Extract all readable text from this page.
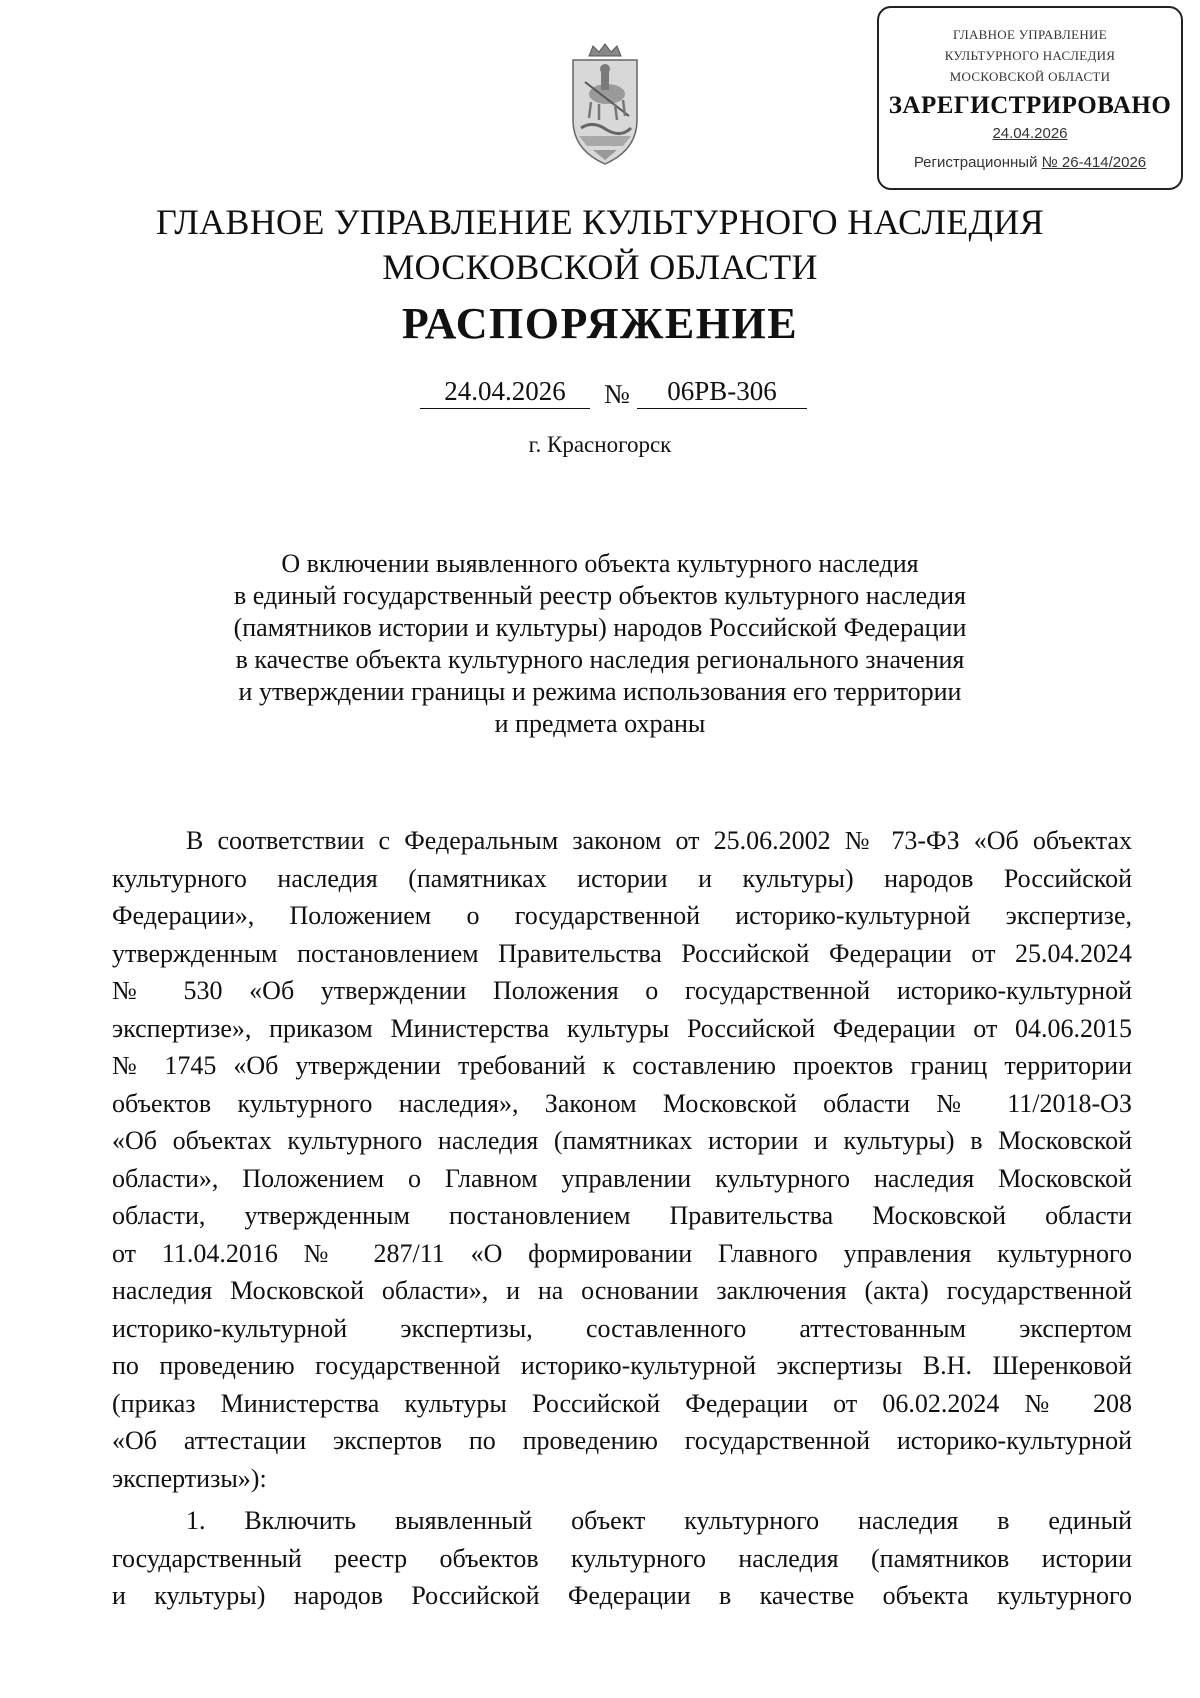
ГЛАВНОЕ УПРАВЛЕНИЕ
КУЛЬТУРНОГО НАСЛЕДИЯ
МОСКОВСКОЙ ОБЛАСТИ
ЗАРЕГИСТРИРОВАНО
24.04.2026
Регистрационный № 26-414/2026
ГЛАВНОЕ УПРАВЛЕНИЕ КУЛЬТУРНОГО НАСЛЕДИЯ
МОСКОВСКОЙ ОБЛАСТИ
РАСПОРЯЖЕНИЕ
24.04.2026	№	06РВ-306
г. Красногорск
О включении выявленного объекта культурного наследия
в единый государственный реестр объектов культурного наследия
(памятников истории и культуры) народов Российской Федерации
в качестве объекта культурного наследия регионального значения
и утверждении границы и режима использования его территории
и предмета охраны
В соответствии с Федеральным законом от 25.06.2002 № 73-ФЗ «Об объектах
культурного наследия (памятниках истории и культуры) народов Российской
Федерации», Положением о государственной историко-культурной экспертизе,
утвержденным постановлением Правительства Российской Федерации от 25.04.2024
№ 530 «Об утверждении Положения о государственной историко-культурной
экспертизе», приказом Министерства культуры Российской Федерации от 04.06.2015
№ 1745 «Об утверждении требований к составлению проектов границ территории
объектов культурного наследия», Законом Московской области № 11/2018-ОЗ
«Об объектах культурного наследия (памятниках истории и культуры) в Московской
области», Положением о Главном управлении культурного наследия Московской
области, утвержденным постановлением Правительства Московской области
от 11.04.2016 № 287/11 «О формировании Главного управления культурного
наследия Московской области», и на основании заключения (акта) государственной
историко-культурной экспертизы, составленного аттестованным экспертом
по проведению государственной историко-культурной экспертизы В.Н. Шеренковой
(приказ Министерства культуры Российской Федерации от 06.02.2024 № 208
«Об аттестации экспертов по проведению государственной историко-культурной
экспертизы»):
1. Включить выявленный объект культурного наследия в единый
государственный реестр объектов культурного наследия (памятников истории
и культуры) народов Российской Федерации в качестве объекта культурного
